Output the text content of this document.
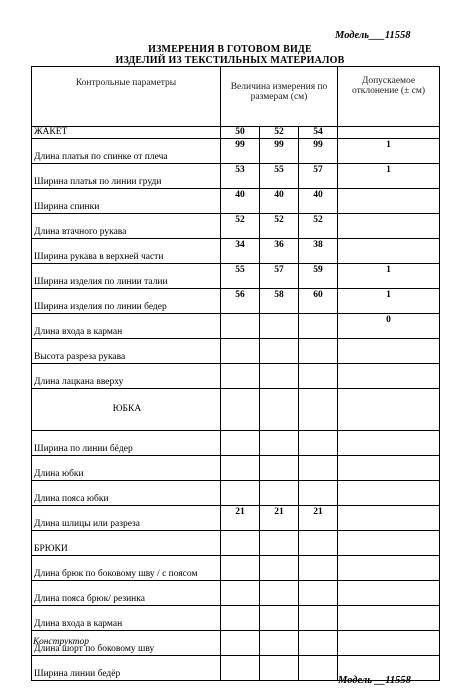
Модель___11558
ИЗМЕРЕНИЯ В ГОТОВОМ ВИДЕ
ИЗДЕЛИЙ ИЗ ТЕКСТИЛЬНЫХ МАТЕРИАЛОВ
Контрольные параметры	Величина измерения по размерам (см)			Допускаемое отклонение (± см)
ЖАКЕТ	50	52	54	
Длина платья по спинке от плеча	99	99	99	1
Ширина платья по линии груди	53	55	57	1
Ширина спинки	40	40	40	
Длина втачного рукава	52	52	52	
Ширина рукава в верхней части	34	36	38	
Ширина изделия по линии талии	55	57	59	1
Ширина изделия по линии бедер	56	58	60	1
Длина входа в карман				0
Высота разреза рукава				
Длина лацкана вверху				
ЮБКА				
Ширина по линии бёдер				
Длина юбки				
Длина пояса юбки				
Длина шлицы или разреза	21	21	21	
БРЮКИ				
Длина брюк по боковому шву / с поясом				
Длина пояса брюк/ резинка				
Длина входа в карман				
Длина шорт по боковому шву				
Ширина линии бедёр				
Конструктор
Модель __11558
